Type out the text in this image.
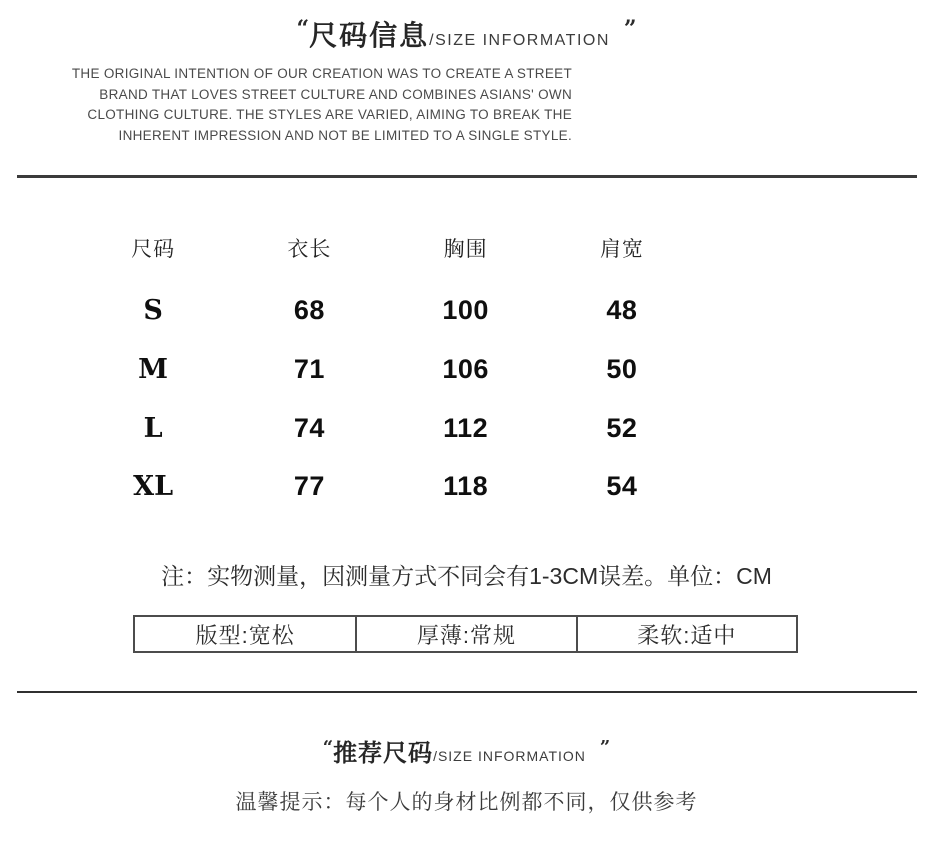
“尺码信息/SIZE INFORMATION ”
THE ORIGINAL INTENTION OF OUR CREATION WAS TO CREATE A STREET BRAND THAT LOVES STREET CULTURE AND COMBINES ASIANS' OWN CLOTHING CULTURE. THE STYLES ARE VARIED, AIMING TO BREAK THE INHERENT IMPRESSION AND NOT BE LIMITED TO A SINGLE STYLE.
尺码	衣长	胸围	肩宽
S	68	100	48
M	71	106	50
L	74	112	52
XL	77	118	54
注：实物测量，因测量方式不同会有1-3CM误差。单位：CM
版型:宽松	厚薄:常规	柔软:适中
“推荐尺码/SIZE INFORMATION ”
温馨提示：每个人的身材比例都不同，仅供参考
